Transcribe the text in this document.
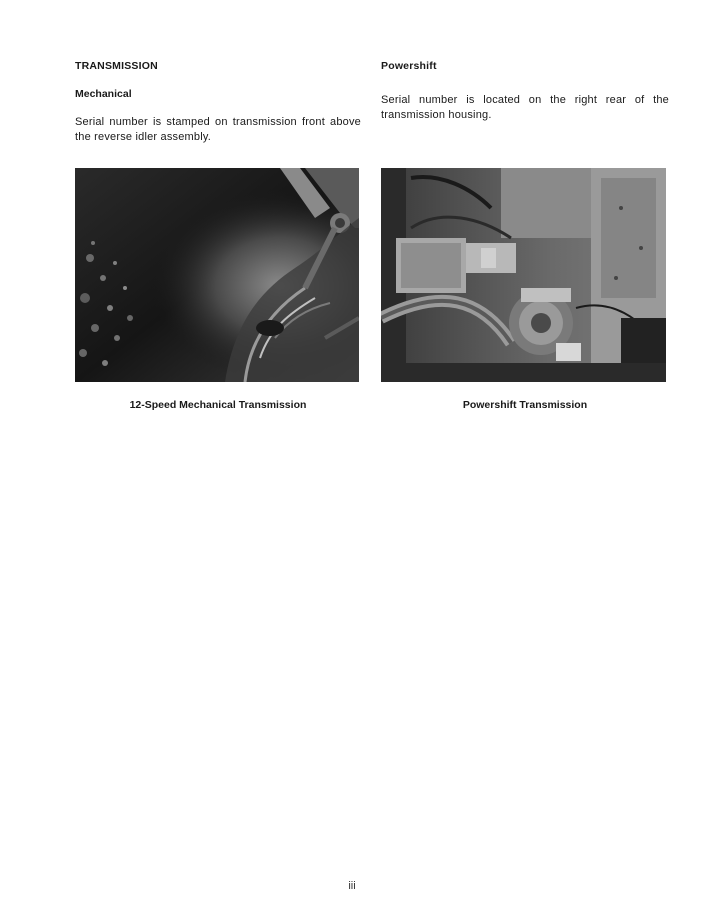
TRANSMISSION
Mechanical
Serial number is stamped on transmission front above the reverse idler assembly.
12-Speed Mechanical Transmission
Powershift
Serial number is located on the right rear of the transmission housing.
Powershift Transmission
iii
